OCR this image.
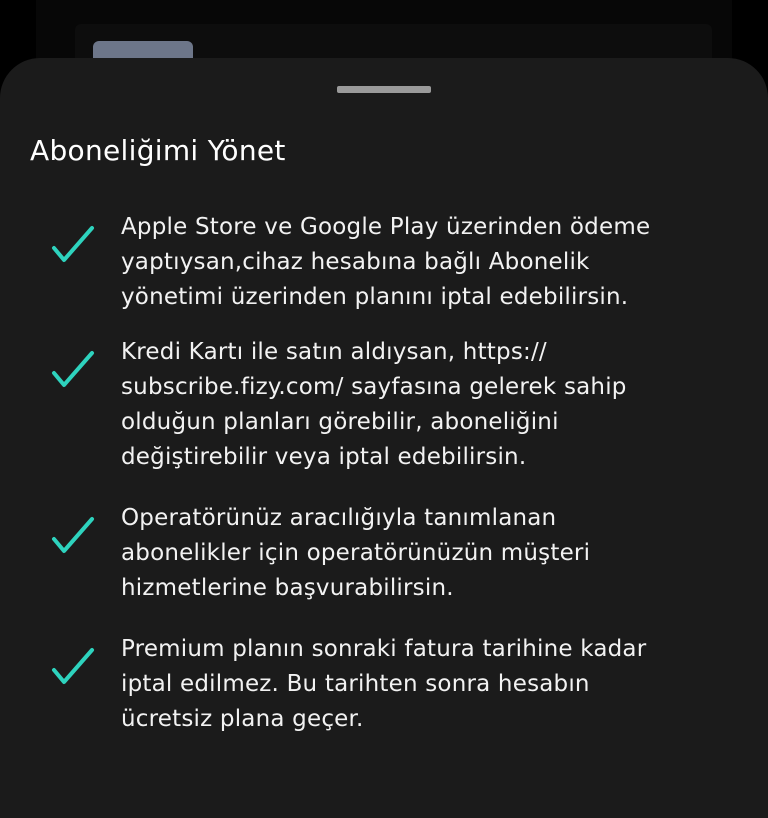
Aboneliğimi Yönet
Apple Store ve Google Play üzerinden ödeme
yaptıysan,cihaz hesabına bağlı Abonelik
yönetimi üzerinden planını iptal edebilirsin.
Kredi Kartı ile satın aldıysan, https://
subscribe.fizy.com/ sayfasına gelerek sahip
olduğun planları görebilir, aboneliğini
değiştirebilir veya iptal edebilirsin.
Operatörünüz aracılığıyla tanımlanan
abonelikler için operatörünüzün müşteri
hizmetlerine başvurabilirsin.
Premium planın sonraki fatura tarihine kadar
iptal edilmez. Bu tarihten sonra hesabın
ücretsiz plana geçer.
